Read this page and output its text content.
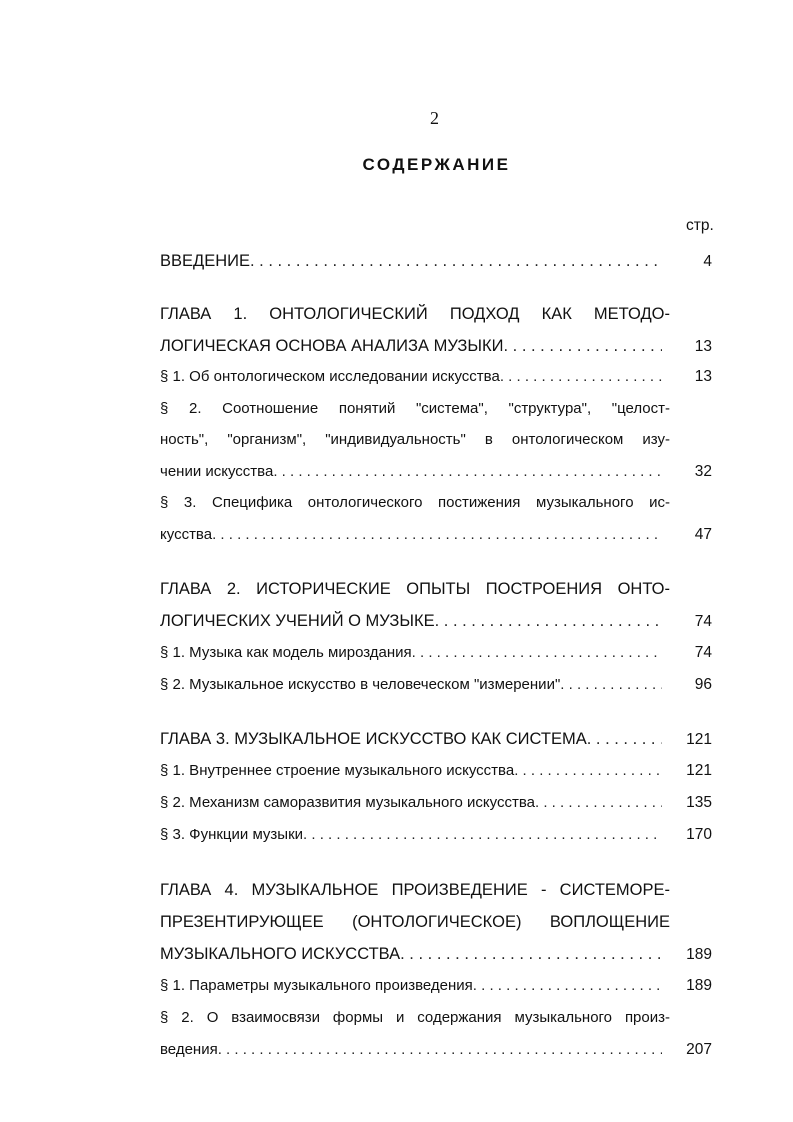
2
СОДЕРЖАНИЕ
стр.
ВВЕДЕНИЕ . . .	4
ГЛАВА 1. ОНТОЛОГИЧЕСКИЙ ПОДХОД КАК МЕТОДО-
ЛОГИЧЕСКАЯ ОСНОВА АНАЛИЗА МУЗЫКИ . . .	13
§ 1. Об онтологическом исследовании искусства . . .	13
§ 2. Соотношение понятий "система", "структура", "целост-
ность", "организм", "индивидуальность" в онтологическом изу-
чении искусства . . .	32
§ 3. Специфика онтологического постижения музыкального ис-
кусства . . .	47
ГЛАВА 2. ИСТОРИЧЕСКИЕ ОПЫТЫ ПОСТРОЕНИЯ ОНТО-
ЛОГИЧЕСКИХ УЧЕНИЙ О МУЗЫКЕ . . .	74
§ 1. Музыка как модель мироздания . . .	74
§ 2. Музыкальное искусство в человеческом "измерении" . . .	96
ГЛАВА 3. МУЗЫКАЛЬНОЕ ИСКУССТВО КАК СИСТЕМА . . .	121
§ 1. Внутреннее строение музыкального искусства . . .	121
§ 2. Механизм саморазвития музыкального искусства . . .	135
§ 3. Функции музыки . . .	170
ГЛАВА 4. МУЗЫКАЛЬНОЕ ПРОИЗВЕДЕНИЕ - СИСТЕМОРЕ-
ПРЕЗЕНТИРУЮЩЕЕ (ОНТОЛОГИЧЕСКОЕ) ВОПЛОЩЕНИЕ
МУЗЫКАЛЬНОГО ИСКУССТВА . . .	189
§ 1. Параметры музыкального произведения . . .	189
§ 2. О взаимосвязи формы и содержания музыкального произ-
ведения . . .	207
